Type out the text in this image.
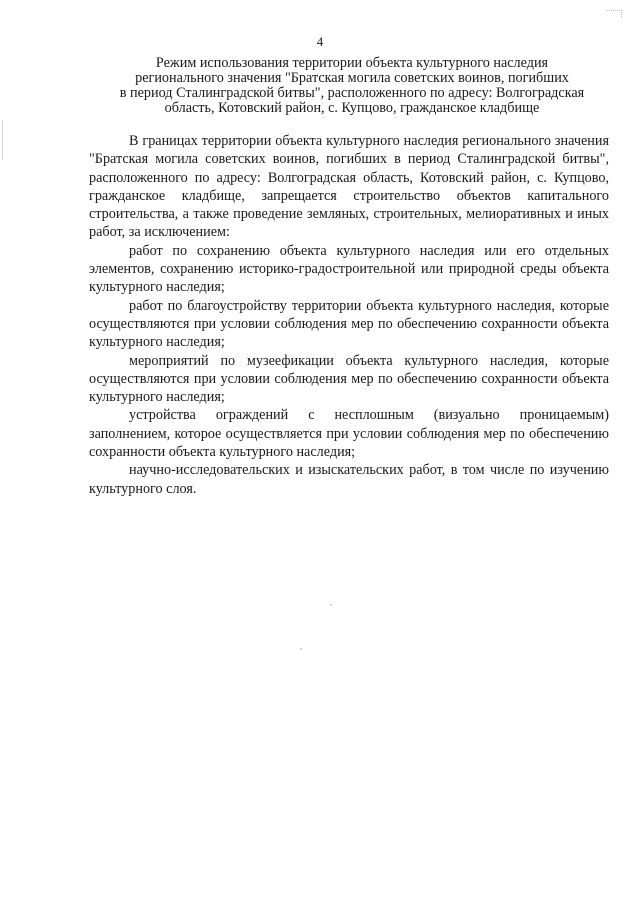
4
Режим использования территории объекта культурного наследия
регионального значения "Братская могила советских воинов, погибших
в период Сталинградской битвы", расположенного по адресу: Волгоградская
область, Котовский район, с. Купцово, гражданское кладбище

В границах территории объекта культурного наследия регионального значения "Братская могила советских воинов, погибших в период Сталинградской битвы", расположенного по адресу: Волгоградская область, Котовский район, с. Купцово, гражданское кладбище, запрещается строительство объектов капитального строительства, а также проведение земляных, строительных, мелиоративных и иных работ, за исключением:

работ по сохранению объекта культурного наследия или его отдельных элементов, сохранению историко-градостроительной или природной среды объекта культурного наследия;

работ по благоустройству территории объекта культурного наследия, которые осуществляются при условии соблюдения мер по обеспечению сохранности объекта культурного наследия;

мероприятий по музеефикации объекта культурного наследия, которые осуществляются при условии соблюдения мер по обеспечению сохранности объекта культурного наследия;

устройства ограждений с несплошным (визуально проницаемым) заполнением, которое осуществляется при условии соблюдения мер по обеспечению сохранности объекта культурного наследия;

научно-исследовательских и изыскательских работ, в том числе по изучению культурного слоя.
